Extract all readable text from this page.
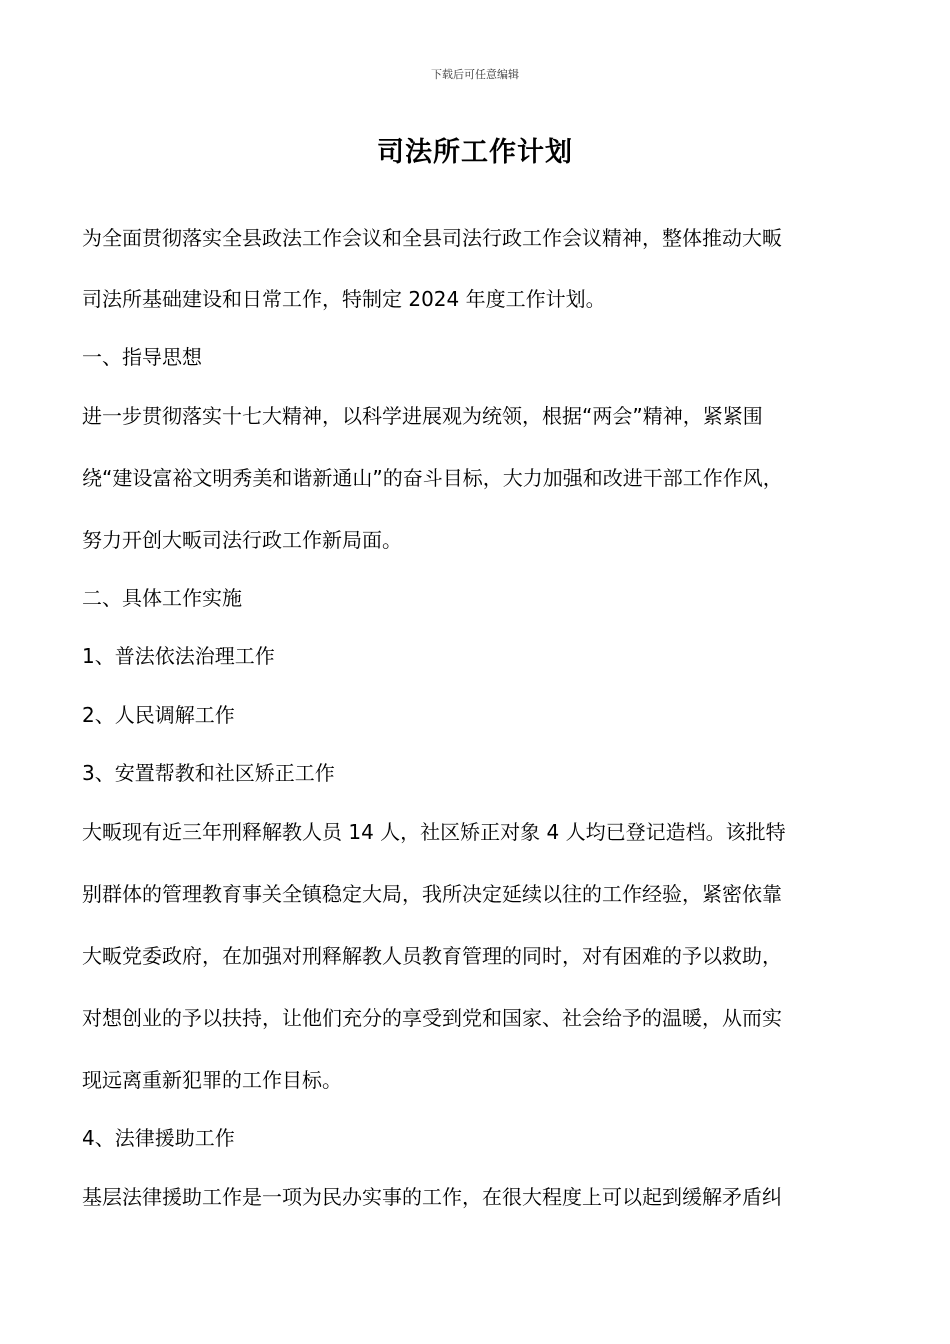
下载后可任意编辑
司法所工作计划
为全面贯彻落实全县政法工作会议和全县司法行政工作会议精神，整体推动大畈
司法所基础建设和日常工作，特制定 2024 年度工作计划。
一、指导思想
进一步贯彻落实十七大精神，以科学进展观为统领，根据“两会”精神，紧紧围
绕“建设富裕文明秀美和谐新通山”的奋斗目标，大力加强和改进干部工作作风，
努力开创大畈司法行政工作新局面。
二、具体工作实施
1、普法依法治理工作
2、人民调解工作
3、安置帮教和社区矫正工作
大畈现有近三年刑释解教人员 14 人，社区矫正对象 4 人均已登记造档。该批特
别群体的管理教育事关全镇稳定大局，我所决定延续以往的工作经验，紧密依靠
大畈党委政府，在加强对刑释解教人员教育管理的同时，对有困难的予以救助，
对想创业的予以扶持，让他们充分的享受到党和国家、社会给予的温暖，从而实
现远离重新犯罪的工作目标。
4、法律援助工作
基层法律援助工作是一项为民办实事的工作，在很大程度上可以起到缓解矛盾纠
